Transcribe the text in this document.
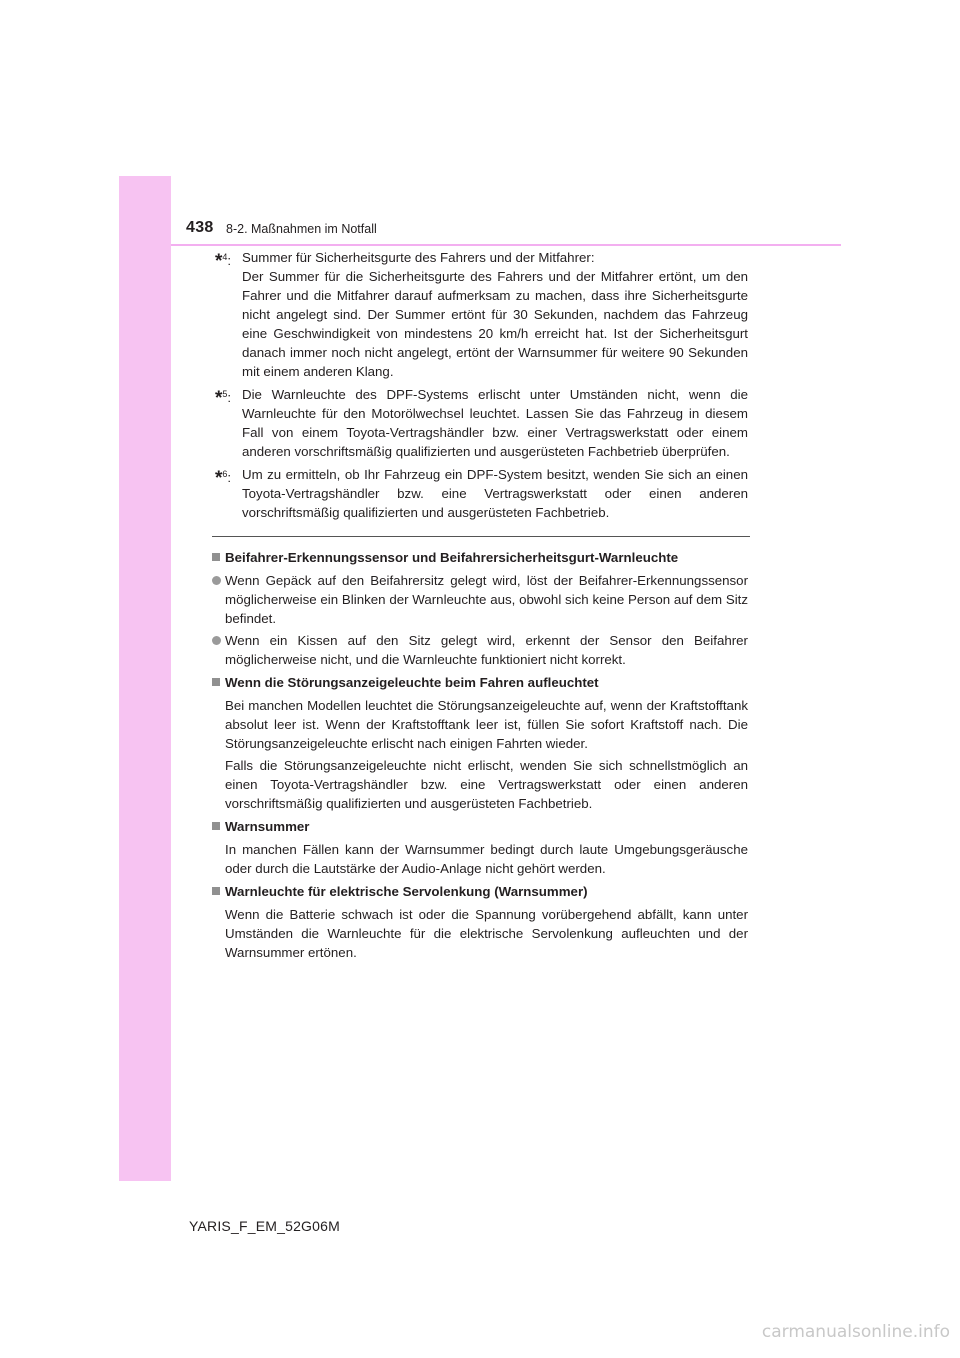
438 8-2. Maßnahmen im Notfall
*$^4$: Summer für Sicherheitsgurte des Fahrers und der Mitfahrer:
Der Summer für die Sicherheitsgurte des Fahrers und der Mitfahrer ertönt, um den Fahrer und die Mitfahrer darauf aufmerksam zu machen, dass ihre Sicherheitsgurte nicht angelegt sind. Der Summer ertönt für 30 Sekunden, nachdem das Fahrzeug eine Geschwindigkeit von mindestens 20 km/h erreicht hat. Ist der Sicherheitsgurt danach immer noch nicht angelegt, ertönt der Warnsummer für weitere 90 Sekunden mit einem anderen Klang.
*$^5$: Die Warnleuchte des DPF-Systems erlischt unter Umständen nicht, wenn die Warnleuchte für den Motorölwechsel leuchtet. Lassen Sie das Fahrzeug in diesem Fall von einem Toyota-Vertragshändler bzw. einer Vertragswerkstatt oder einem anderen vorschriftsmäßig qualifizierten und ausgerüsteten Fachbetrieb überprüfen.
*$^6$: Um zu ermitteln, ob Ihr Fahrzeug ein DPF-System besitzt, wenden Sie sich an einen Toyota-Vertragshändler bzw. eine Vertragswerkstatt oder einen anderen vorschriftsmäßig qualifizierten und ausgerüsteten Fachbetrieb.
Beifahrer-Erkennungssensor und Beifahrersicherheitsgurt-Warnleuchte
Wenn Gepäck auf den Beifahrersitz gelegt wird, löst der Beifahrer-Erkennungssensor möglicherweise ein Blinken der Warnleuchte aus, obwohl sich keine Person auf dem Sitz befindet.
Wenn ein Kissen auf den Sitz gelegt wird, erkennt der Sensor den Beifahrer möglicherweise nicht, und die Warnleuchte funktioniert nicht korrekt.
Wenn die Störungsanzeigeleuchte beim Fahren aufleuchtet
Bei manchen Modellen leuchtet die Störungsanzeigeleuchte auf, wenn der Kraftstofftank absolut leer ist. Wenn der Kraftstofftank leer ist, füllen Sie sofort Kraftstoff nach. Die Störungsanzeigeleuchte erlischt nach einigen Fahrten wieder.
Falls die Störungsanzeigeleuchte nicht erlischt, wenden Sie sich schnellstmöglich an einen Toyota-Vertragshändler bzw. eine Vertragswerkstatt oder einen anderen vorschriftsmäßig qualifizierten und ausgerüsteten Fachbetrieb.
Warnsummer
In manchen Fällen kann der Warnsummer bedingt durch laute Umgebungsgeräusche oder durch die Lautstärke der Audio-Anlage nicht gehört werden.
Warnleuchte für elektrische Servolenkung (Warnsummer)
Wenn die Batterie schwach ist oder die Spannung vorübergehend abfällt, kann unter Umständen die Warnleuchte für die elektrische Servolenkung aufleuchten und der Warnsummer ertönen.
YARIS_F_EM_52G06M
carmanualsonline.info
